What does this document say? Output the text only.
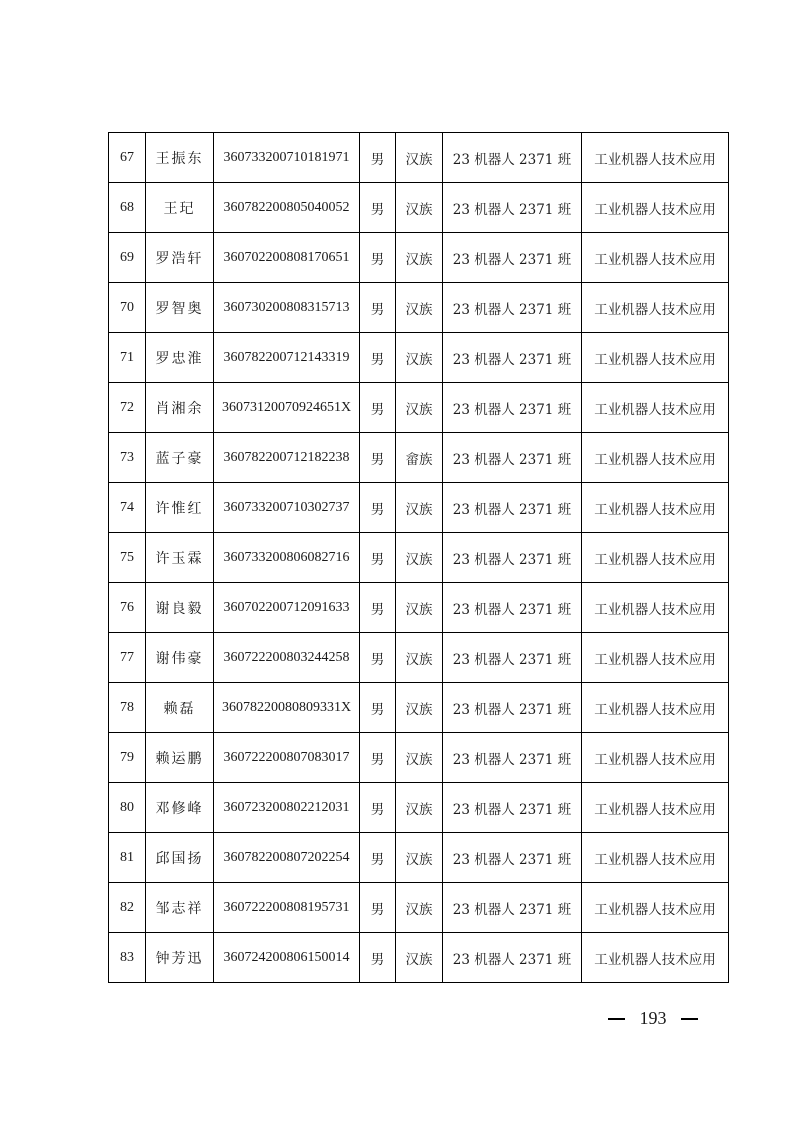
67	王振东	360733200710181971	男	汉族	23 机器人 2371 班	工业机器人技术应用
68	王玘	360782200805040052	男	汉族	23 机器人 2371 班	工业机器人技术应用
69	罗浩轩	360702200808170651	男	汉族	23 机器人 2371 班	工业机器人技术应用
70	罗智奥	360730200808315713	男	汉族	23 机器人 2371 班	工业机器人技术应用
71	罗忠淮	360782200712143319	男	汉族	23 机器人 2371 班	工业机器人技术应用
72	肖湘余	36073120070924651X	男	汉族	23 机器人 2371 班	工业机器人技术应用
73	蓝子豪	360782200712182238	男	畲族	23 机器人 2371 班	工业机器人技术应用
74	许惟红	360733200710302737	男	汉族	23 机器人 2371 班	工业机器人技术应用
75	许玉霖	360733200806082716	男	汉族	23 机器人 2371 班	工业机器人技术应用
76	谢良毅	360702200712091633	男	汉族	23 机器人 2371 班	工业机器人技术应用
77	谢伟豪	360722200803244258	男	汉族	23 机器人 2371 班	工业机器人技术应用
78	赖磊	36078220080809331X	男	汉族	23 机器人 2371 班	工业机器人技术应用
79	赖运鹏	360722200807083017	男	汉族	23 机器人 2371 班	工业机器人技术应用
80	邓修峰	360723200802212031	男	汉族	23 机器人 2371 班	工业机器人技术应用
81	邱国扬	360782200807202254	男	汉族	23 机器人 2371 班	工业机器人技术应用
82	邹志祥	360722200808195731	男	汉族	23 机器人 2371 班	工业机器人技术应用
83	钟芳迅	360724200806150014	男	汉族	23 机器人 2371 班	工业机器人技术应用
193
